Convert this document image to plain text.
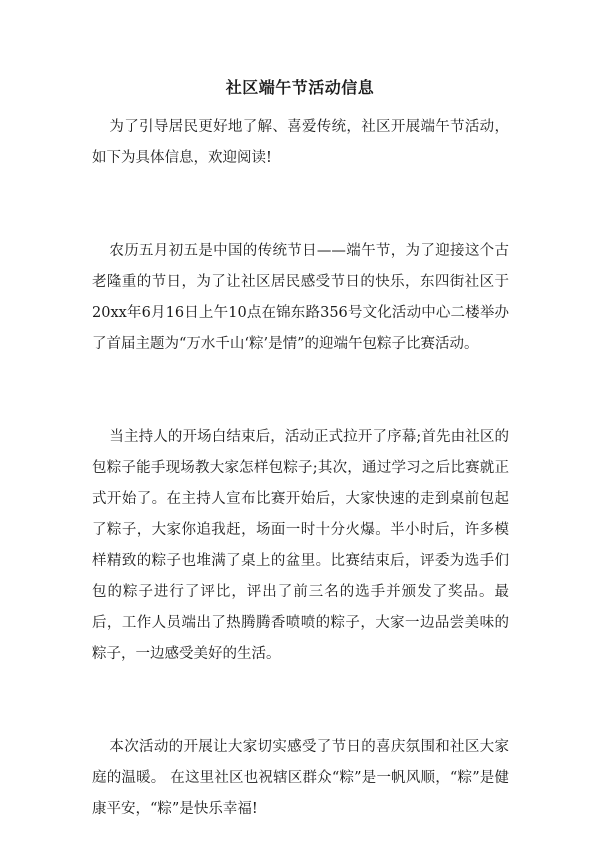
社区端午节活动信息

为了引导居民更好地了解、喜爱传统，社区开展端午节活动，如下为具体信息，欢迎阅读!

农历五月初五是中国的传统节日——端午节，为了迎接这个古老隆重的节日，为了让社区居民感受节日的快乐，东四街社区于20xx年6月16日上午10点在锦东路356号文化活动中心二楼举办了首届主题为“万水千山‘粽’是情”的迎端午包粽子比赛活动。

当主持人的开场白结束后，活动正式拉开了序幕;首先由社区的包粽子能手现场教大家怎样包粽子;其次，通过学习之后比赛就正式开始了。在主持人宣布比赛开始后，大家快速的走到桌前包起了粽子，大家你追我赶，场面一时十分火爆。半小时后，许多模样精致的粽子也堆满了桌上的盆里。比赛结束后，评委为选手们包的粽子进行了评比，评出了前三名的选手并颁发了奖品。最后，工作人员端出了热腾腾香喷喷的粽子，大家一边品尝美味的粽子，一边感受美好的生活。

本次活动的开展让大家切实感受了节日的喜庆氛围和社区大家庭的温暖。 在这里社区也祝辖区群众“粽”是一帆风顺，“粽”是健康平安，“粽”是快乐幸福!
